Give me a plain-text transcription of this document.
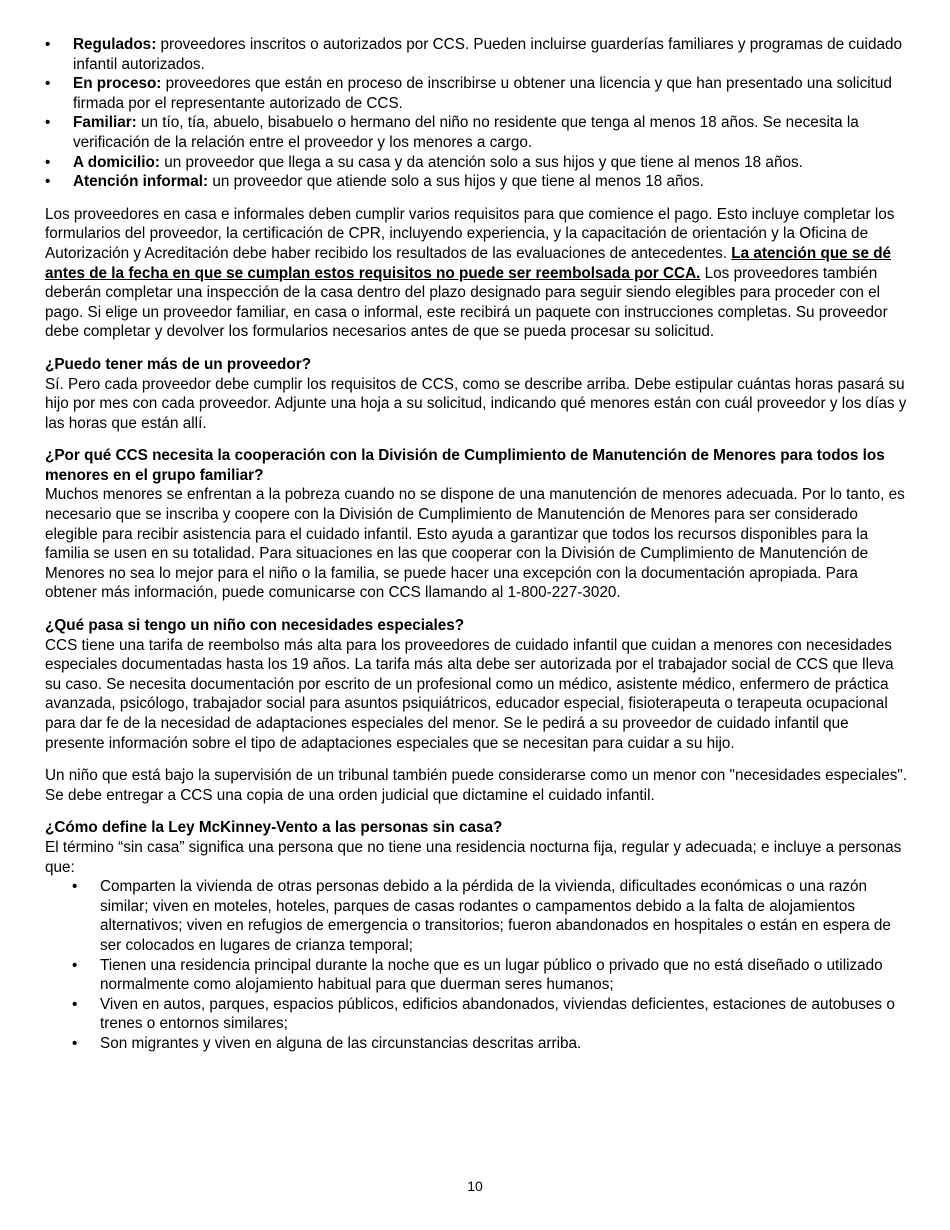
• Regulados: proveedores inscritos o autorizados por CCS. Pueden incluirse guarderías familiares y programas de cuidado infantil autorizados.
• En proceso: proveedores que están en proceso de inscribirse u obtener una licencia y que han presentado una solicitud firmada por el representante autorizado de CCS.
• Familiar: un tío, tía, abuelo, bisabuelo o hermano del niño no residente que tenga al menos 18 años. Se necesita la verificación de la relación entre el proveedor y los menores a cargo.
• A domicilio: un proveedor que llega a su casa y da atención solo a sus hijos y que tiene al menos 18 años.
• Atención informal: un proveedor que atiende solo a sus hijos y que tiene al menos 18 años.

Los proveedores en casa e informales deben cumplir varios requisitos para que comience el pago. Esto incluye completar los formularios del proveedor, la certificación de CPR, incluyendo experiencia, y la capacitación de orientación y la Oficina de Autorización y Acreditación debe haber recibido los resultados de las evaluaciones de antecedentes. La atención que se dé antes de la fecha en que se cumplan estos requisitos no puede ser reembolsada por CCA. Los proveedores también deberán completar una inspección de la casa dentro del plazo designado para seguir siendo elegibles para proceder con el pago. Si elige un proveedor familiar, en casa o informal, este recibirá un paquete con instrucciones completas. Su proveedor debe completar y devolver los formularios necesarios antes de que se pueda procesar su solicitud.

¿Puedo tener más de un proveedor?

Sí. Pero cada proveedor debe cumplir los requisitos de CCS, como se describe arriba. Debe estipular cuántas horas pasará su hijo por mes con cada proveedor. Adjunte una hoja a su solicitud, indicando qué menores están con cuál proveedor y los días y las horas que están allí.

¿Por qué CCS necesita la cooperación con la División de Cumplimiento de Manutención de Menores para todos los menores en el grupo familiar?

Muchos menores se enfrentan a la pobreza cuando no se dispone de una manutención de menores adecuada. Por lo tanto, es necesario que se inscriba y coopere con la División de Cumplimiento de Manutención de Menores para ser considerado elegible para recibir asistencia para el cuidado infantil. Esto ayuda a garantizar que todos los recursos disponibles para la familia se usen en su totalidad. Para situaciones en las que cooperar con la División de Cumplimiento de Manutención de Menores no sea lo mejor para el niño o la familia, se puede hacer una excepción con la documentación apropiada. Para obtener más información, puede comunicarse con CCS llamando al 1-800-227-3020.

¿Qué pasa si tengo un niño con necesidades especiales?

CCS tiene una tarifa de reembolso más alta para los proveedores de cuidado infantil que cuidan a menores con necesidades especiales documentadas hasta los 19 años. La tarifa más alta debe ser autorizada por el trabajador social de CCS que lleva su caso. Se necesita documentación por escrito de un profesional como un médico, asistente médico, enfermero de práctica avanzada, psicólogo, trabajador social para asuntos psiquiátricos, educador especial, fisioterapeuta o terapeuta ocupacional para dar fe de la necesidad de adaptaciones especiales del menor. Se le pedirá a su proveedor de cuidado infantil que presente información sobre el tipo de adaptaciones especiales que se necesitan para cuidar a su hijo.

Un niño que está bajo la supervisión de un tribunal también puede considerarse como un menor con "necesidades especiales". Se debe entregar a CCS una copia de una orden judicial que dictamine el cuidado infantil.

¿Cómo define la Ley McKinney-Vento a las personas sin casa?

El término “sin casa” significa una persona que no tiene una residencia nocturna fija, regular y adecuada; e incluye a personas que:

• Comparten la vivienda de otras personas debido a la pérdida de la vivienda, dificultades económicas o una razón similar; viven en moteles, hoteles, parques de casas rodantes o campamentos debido a la falta de alojamientos alternativos; viven en refugios de emergencia o transitorios; fueron abandonados en hospitales o están en espera de ser colocados en lugares de crianza temporal;
• Tienen una residencia principal durante la noche que es un lugar público o privado que no está diseñado o utilizado normalmente como alojamiento habitual para que duerman seres humanos;
• Viven en autos, parques, espacios públicos, edificios abandonados, viviendas deficientes, estaciones de autobuses o trenes o entornos similares;
• Son migrantes y viven en alguna de las circunstancias descritas arriba.
10
